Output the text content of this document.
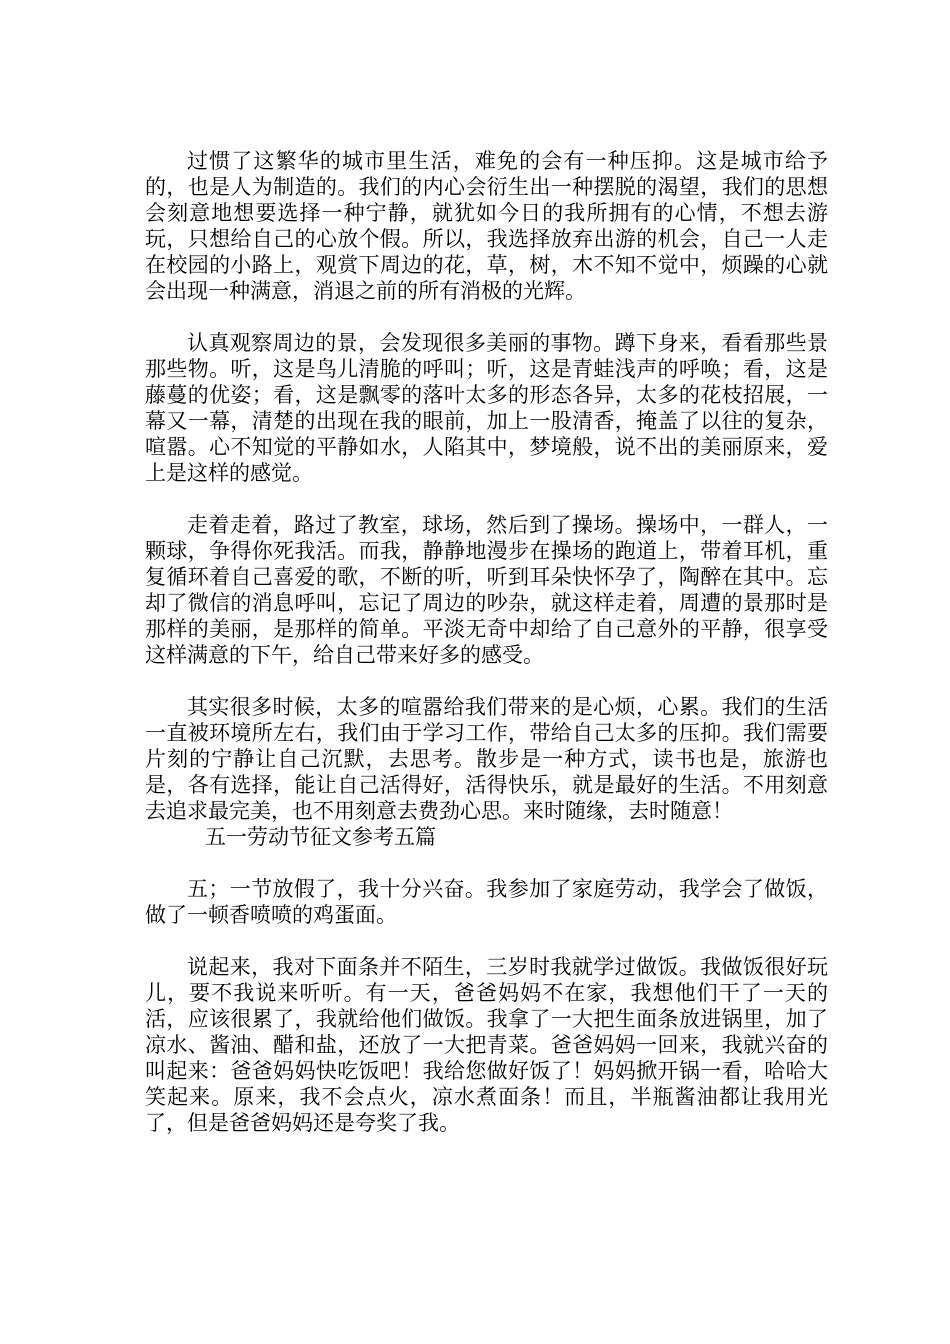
过惯了这繁华的城市里生活，难免的会有一种压抑。这是城市给予的，也是人为制造的。我们的内心会衍生出一种摆脱的渴望，我们的思想会刻意地想要选择一种宁静，就犹如今日的我所拥有的心情，不想去游玩，只想给自己的心放个假。所以，我选择放弃出游的机会，自己一人走在校园的小路上，观赏下周边的花，草，树，木不知不觉中，烦躁的心就会出现一种满意，消退之前的所有消极的光辉。

认真观察周边的景，会发现很多美丽的事物。蹲下身来，看看那些景那些物。听，这是鸟儿清脆的呼叫；听，这是青蛙浅声的呼唤；看，这是藤蔓的优姿；看，这是飘零的落叶太多的形态各异，太多的花枝招展，一幕又一幕，清楚的出现在我的眼前，加上一股清香，掩盖了以往的复杂，喧嚣。心不知觉的平静如水，人陷其中，梦境般，说不出的美丽原来，爱上是这样的感觉。

走着走着，路过了教室，球场，然后到了操场。操场中，一群人，一颗球，争得你死我活。而我，静静地漫步在操场的跑道上，带着耳机，重复循环着自己喜爱的歌，不断的听，听到耳朵快怀孕了，陶醉在其中。忘却了微信的消息呼叫，忘记了周边的吵杂，就这样走着，周遭的景那时是那样的美丽，是那样的简单。平淡无奇中却给了自己意外的平静，很享受这样满意的下午，给自己带来好多的感受。

其实很多时候，太多的喧嚣给我们带来的是心烦，心累。我们的生活一直被环境所左右，我们由于学习工作，带给自己太多的压抑。我们需要片刻的宁静让自己沉默，去思考。散步是一种方式，读书也是，旅游也是，各有选择，能让自己活得好，活得快乐，就是最好的生活。不用刻意去追求最完美，也不用刻意去费劲心思。来时随缘，去时随意！

五一劳动节征文参考五篇

五；一节放假了，我十分兴奋。我参加了家庭劳动，我学会了做饭，做了一顿香喷喷的鸡蛋面。

说起来，我对下面条并不陌生，三岁时我就学过做饭。我做饭很好玩儿，要不我说来听听。有一天，爸爸妈妈不在家，我想他们干了一天的活，应该很累了，我就给他们做饭。我拿了一大把生面条放进锅里，加了凉水、酱油、醋和盐，还放了一大把青菜。爸爸妈妈一回来，我就兴奋的叫起来：爸爸妈妈快吃饭吧！我给您做好饭了！妈妈掀开锅一看，哈哈大笑起来。原来，我不会点火，凉水煮面条！而且，半瓶酱油都让我用光了，但是爸爸妈妈还是夸奖了我。
